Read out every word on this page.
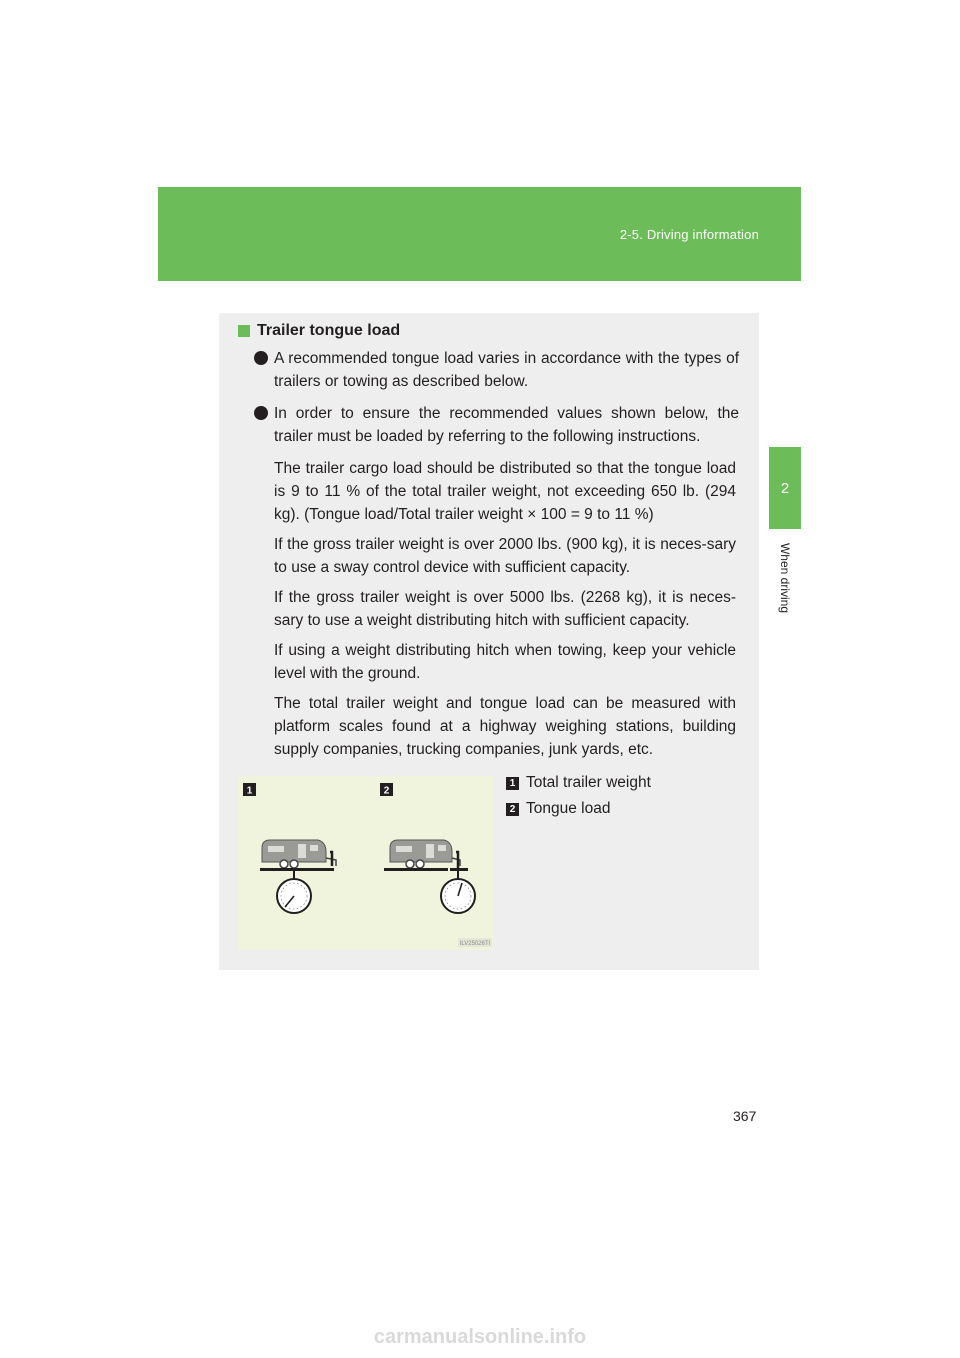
2-5. Driving information
2
When driving
Trailer tongue load
A recommended tongue load varies in accordance with the types of trailers or towing as described below.
In order to ensure the recommended values shown below, the trailer must be loaded by referring to the following instructions.
The trailer cargo load should be distributed so that the tongue load is 9 to 11 % of the total trailer weight, not exceeding 650 lb. (294 kg). (Tongue load/Total trailer weight × 100 = 9 to 11 %)
If the gross trailer weight is over 2000 lbs. (900 kg), it is neces-sary to use a sway control device with sufficient capacity.
If the gross trailer weight is over 5000 lbs. (2268 kg), it is neces-sary to use a weight distributing hitch with sufficient capacity.
If using a weight distributing hitch when towing, keep your vehicle level with the ground.
The total trailer weight and tongue load can be measured with platform scales found at a highway weighing stations, building supply companies, trucking companies, junk yards, etc.
1	2
ILV25026TI
1 Total trailer weight
2 Tongue load
367
carmanualsonline.info
